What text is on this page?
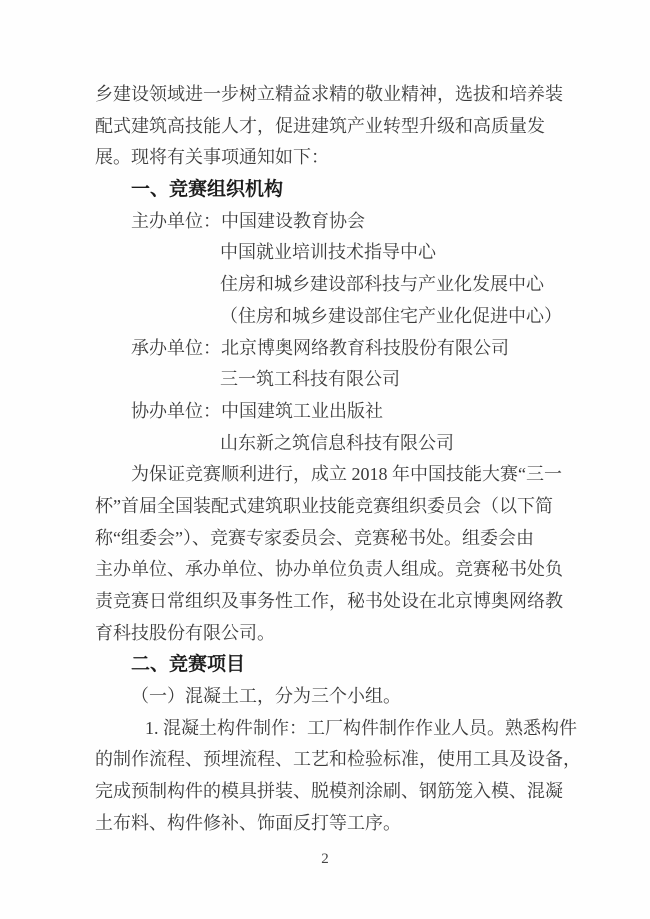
乡建设领域进一步树立精益求精的敬业精神，选拔和培养装
配式建筑高技能人才，促进建筑产业转型升级和高质量发
展。现将有关事项通知如下：
一、竞赛组织机构
主办单位：中国建设教育协会
中国就业培训技术指导中心
住房和城乡建设部科技与产业化发展中心
（住房和城乡建设部住宅产业化促进中心）
承办单位：北京博奥网络教育科技股份有限公司
三一筑工科技有限公司
协办单位：中国建筑工业出版社
山东新之筑信息科技有限公司
为保证竞赛顺利进行，成立 2018 年中国技能大赛“三一
杯”首届全国装配式建筑职业技能竞赛组织委员会（以下简
称“组委会”）、竞赛专家委员会、竞赛秘书处。组委会由
主办单位、承办单位、协办单位负责人组成。竞赛秘书处负
责竞赛日常组织及事务性工作，秘书处设在北京博奥网络教
育科技股份有限公司。
二、竞赛项目
（一）混凝土工，分为三个小组。
1. 混凝土构件制作：工厂构件制作作业人员。熟悉构件
的制作流程、预埋流程、工艺和检验标准，使用工具及设备，
完成预制构件的模具拼装、脱模剂涂刷、钢筋笼入模、混凝
土布料、构件修补、饰面反打等工序。
2
